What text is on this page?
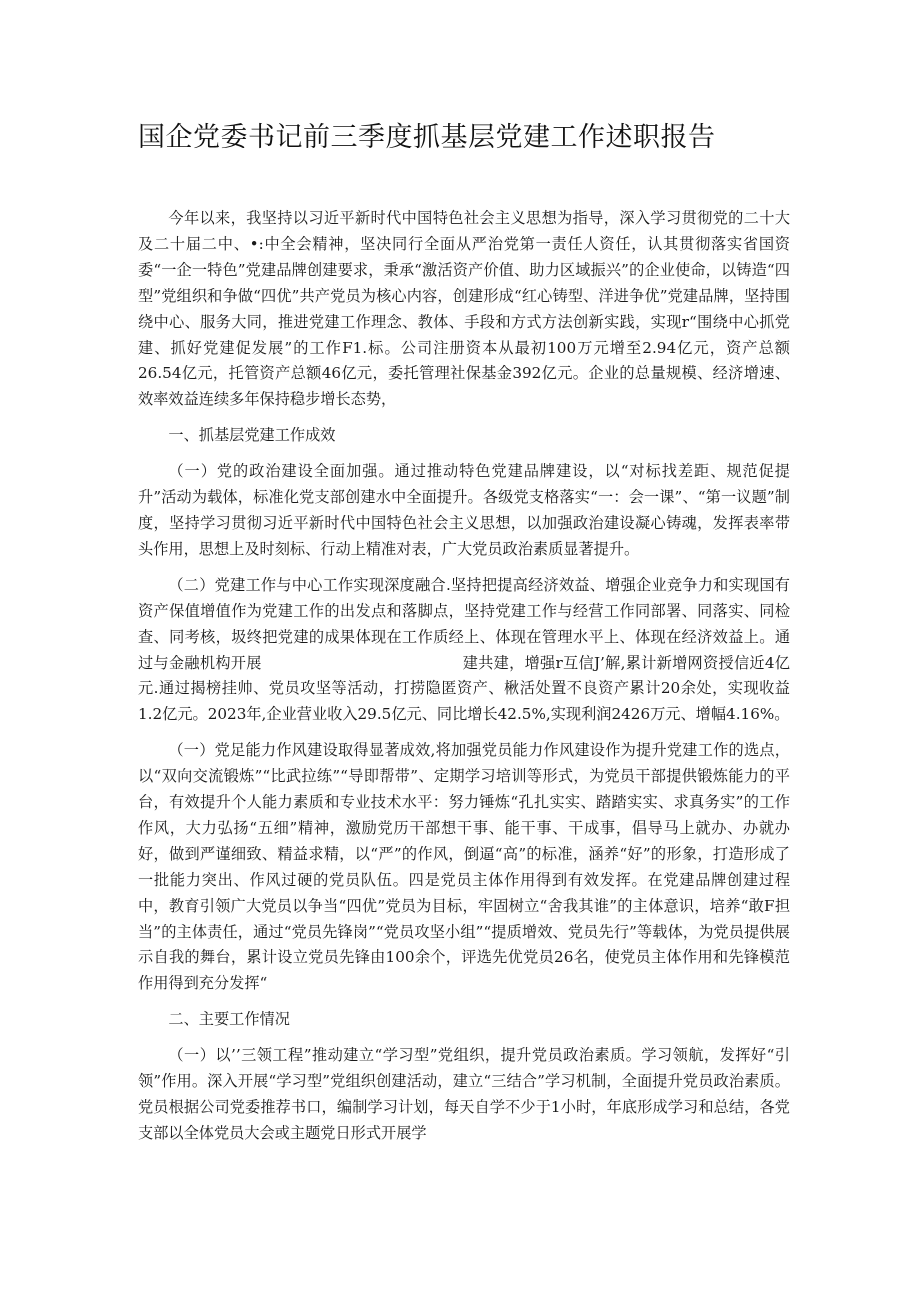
国企党委书记前三季度抓基层党建工作述职报告

今年以来，我坚持以习近平新时代中国特色社会主义思想为指导，深入学习贯彻党的二十大及二十届二中、•:中全会精神，坚决同行全面从严治党第一责任人资任，认其贯彻落实省国资委“一企一特色”党建品牌创建要求，秉承“激活资产价值、助力区域振兴”的企业使命，以铸造“四型”党组织和争做“四优”共产党员为核心内容，创建形成“红心铸型、洋进争优”党建品牌，坚持围绕中心、服务大同，推进党建工作理念、教体、手段和方式方法创新实践，实现r“围绕中心抓党建、抓好党建促发展”的工作F1.标。公司注册资本从最初100万元增至2.94亿元，资产总额26.54亿元，托管资产总额46亿元，委托管理社保基金392亿元。企业的总量规模、经济增速、效率效益连续多年保持稳步增长态势，

一、抓基层党建工作成效

（一）党的政治建设全面加强。通过推动特色党建品牌建设，以“对标找差距、规范促提升”活动为载体，标准化党支部创建水中全面提升。各级党支格落实“一：会一课”、“第一议题”制度，坚持学习贯彻习近平新时代中国特色社会主义思想，以加强政治建设凝心铸魂，发挥表率带头作用，思想上及时刻标、行动上精准对表，广大党员政治素质显著提升。

（二）党建工作与中心工作实现深度融合.坚持把提高经济效益、增强企业竞争力和实现国有资产保值增值作为党建工作的出发点和落脚点，坚持党建工作与经营工作同部署、同落实、同检查、同考核，圾终把党建的成果体现在工作质经上、体现在管理水平上、体现在经济效益上。通过与金融机构开展　　　　　　　　　　　　　建共建，增强r互信J’解,累计新增网资授信近4亿元.通过揭榜挂帅、党员攻坚等活动，打捞隐匿资产、楸活处置不良资产累计20余处，实现收益1.2亿元。2023年,企业营业收入29.5亿元、同比增长42.5%,实现利润2426万元、增幅4.16%。

（一）党足能力作风建设取得显著成效,将加强党员能力作风建设作为提升党建工作的选点，以“双向交流锻炼”“比武拉练”“导即帮带”、定期学习培训等形式，为党员干部提供锻炼能力的平台，有效提升个人能力素质和专业技术水平：努力锤炼“孔扎实实、踏踏实实、求真务实”的工作作风，大力弘扬“五细”精神，激励党历干部想干事、能干事、干成事，倡导马上就办、办就办好，做到严谨细致、精益求精，以“严”的作风，倒逼“高”的标准，涵养“好”的形象，打造形成了一批能力突出、作风过硬的党员队伍。四是党员主体作用得到有效发挥。在党建品牌创建过程中，教育引领广大党员以争当“四优”党员为目标，牢固树立“舍我其谁”的主体意识，培养“敢F担当”的主体责任，通过“党员先锋岗”“党员攻坚小组”“提质增效、党员先行”等载体，为党员提供展示自我的舞台，累计设立党员先锋由100余个，评选先优党员26名，使党员主体作用和先锋模范作用得到充分发挥“

二、主要工作情况

（一）以’’三领工程”推动建立“学习型”党组织，提升党员政治素质。学习领航，发挥好“引领”作用。深入开展“学习型”党组织创建活动，建立“三结合”学习机制，全面提升党员政治素质。党员根据公司党委推荐书口，编制学习计划，每天自学不少于1小时，年底形成学习和总结，各党支部以全体党员大会或主题党日形式开展学
